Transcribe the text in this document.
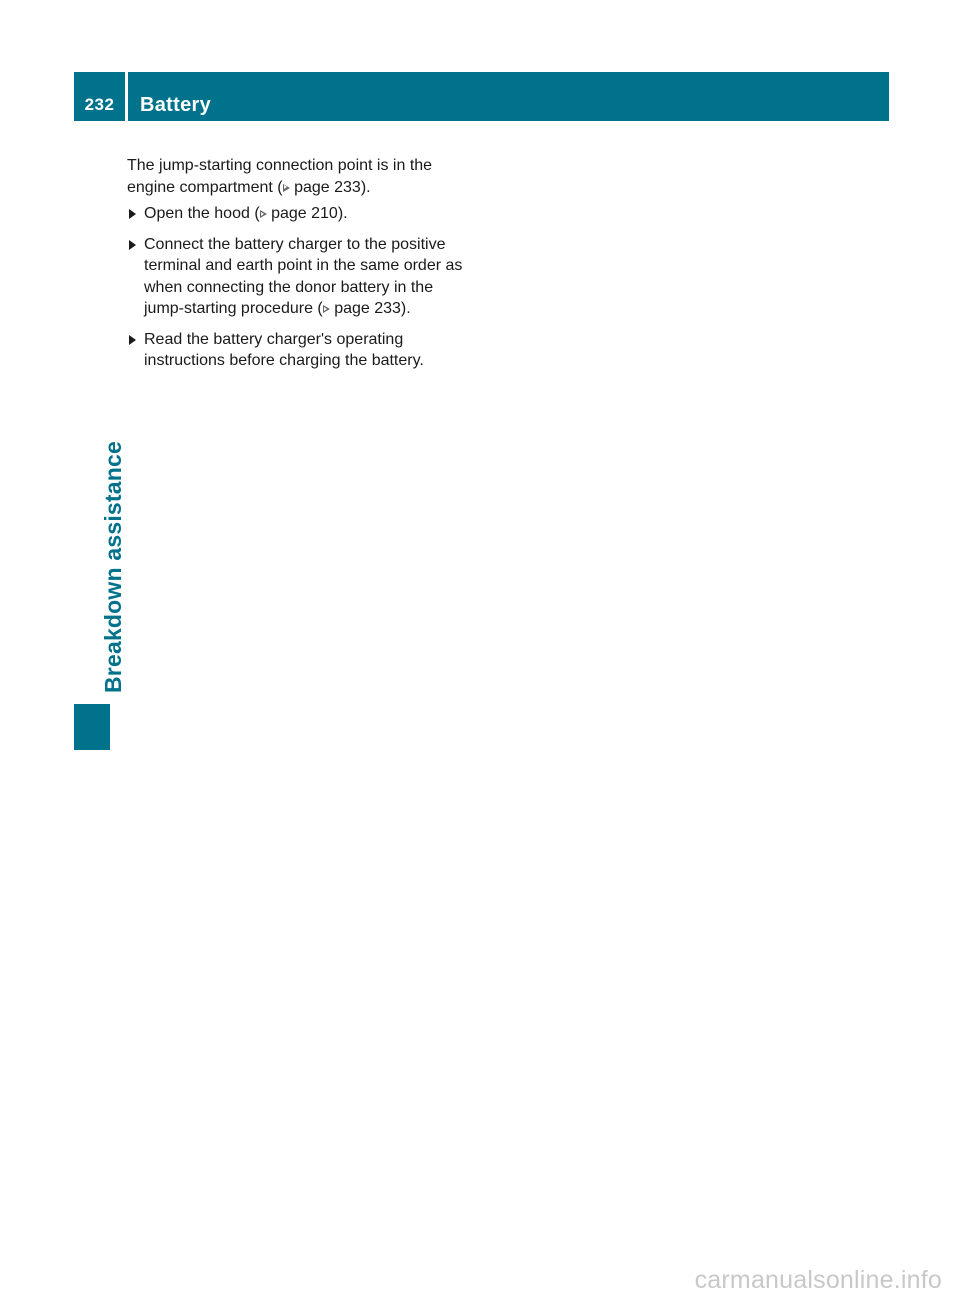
232	Battery
Breakdown assistance

The jump-starting connection point is in the engine compartment ( page 233).

Open the hood ( page 210).
Connect the battery charger to the positive terminal and earth point in the same order as when connecting the donor battery in the jump-starting procedure ( page 233).
Read the battery charger's operating instructions before charging the battery.
carmanualsonline.info
